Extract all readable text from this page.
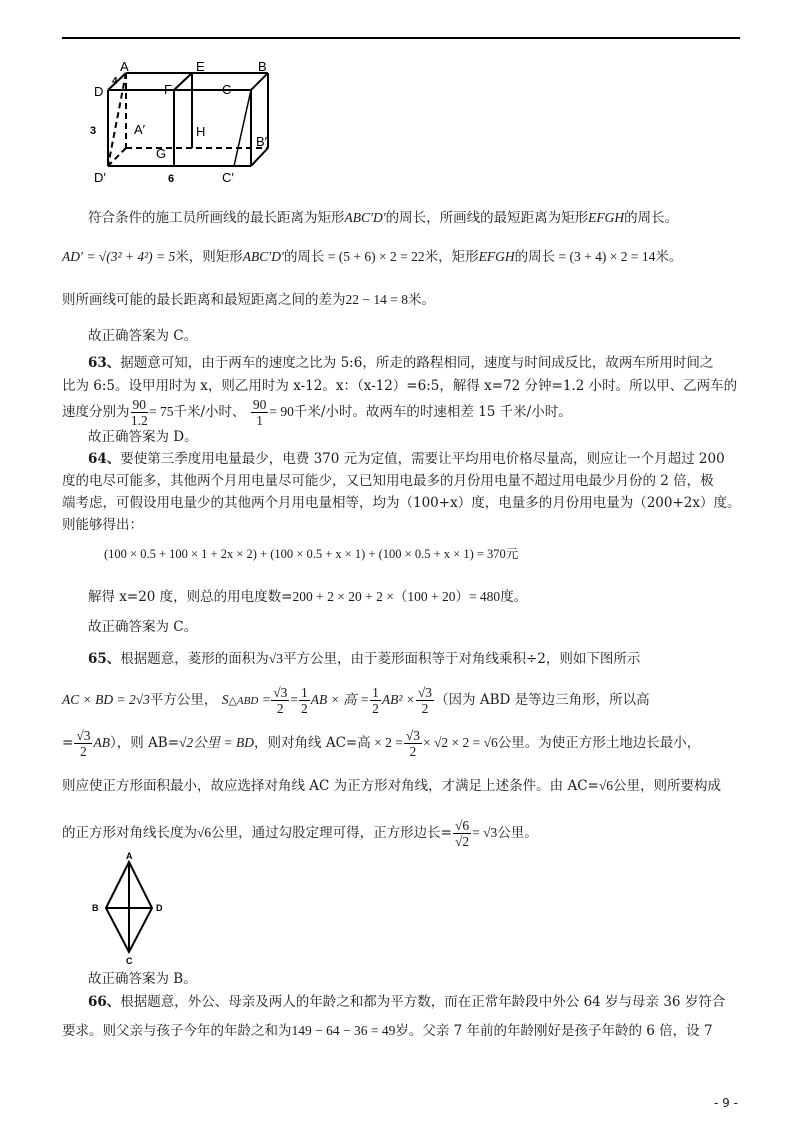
A	E	B
D	F	C
4
3	A′	H
G
B′
D′	6	C′
符合条件的施工员所画线的最长距离为矩形ABC′D′的周长，所画线的最短距离为矩形EFGH的周长。
AD′ = √(3² + 4²) = 5米，则矩形ABC′D′的周长 = (5 + 6) × 2 = 22米，矩形EFGH的周长 = (3 + 4) × 2 = 14米。
则所画线可能的最长距离和最短距离之间的差为22 − 14 = 8米。
故正确答案为 C。
63、据题意可知，由于两车的速度之比为 5:6，所走的路程相同，速度与时间成反比，故两车所用时间之
比为 6:5。设甲用时为 x，则乙用时为 x-12。x：（x-12）=6:5，解得 x=72 分钟=1.2 小时。所以甲、乙两车的
速度分别为 $\frac{90}{1.2} = 75$千米/小时、 $\frac{90}{1} = 90$千米/小时。故两车的时速相差 15 千米/小时。
故正确答案为 D。
64、要使第三季度用电量最少，电费 370 元为定值，需要让平均用电价格尽量高，则应让一个月超过 200
度的电尽可能多，其他两个月用电量尽可能少，又已知用电最多的月份用电量不超过用电最少月份的 2 倍，极
端考虑，可假设用电量少的其他两个月用电量相等，均为（100+x）度，电量多的月份用电量为（200+2x）度。
则能够得出：
(100 × 0.5 + 100 × 1 + 2x × 2) + (100 × 0.5 + x × 1) + (100 × 0.5 + x × 1) = 370元
解得 x=20 度，则总的用电度数=200 + 2 × 20 + 2 ×（100 + 20）= 480度。
故正确答案为 C。
65、根据题意，菱形的面积为√3平方公里，由于菱形面积等于对角线乘积÷2，则如下图所示
AC × BD = 2√3平方公里， S△ABD = $\frac{√3}{2} = \frac{1}{2}$ AB × 高 = $\frac{1}{2} AB^2 \times \frac{√3}{2}$ （因为 ABD 是等边三角形，所以高
= $\frac{√3}{2} AB$），则 AB=√2公里 = BD，则对角线 AC=高 × $2 = \frac{√3}{2} \times √2 \times 2 = √6$公里。为使正方形土地边长最小，
则应使正方形面积最小，故应选择对角线 AC 为正方形对角线，才满足上述条件。由 AC=√6公里，则所要构成
的正方形对角线长度为√6公里，通过勾股定理可得，正方形边长= $\frac{√6}{√2} = √3$公里。
A
B	D
C
故正确答案为 B。
66、根据题意，外公、母亲及两人的年龄之和都为平方数，而在正常年龄段中外公 64 岁与母亲 36 岁符合
要求。则父亲与孩子今年的年龄之和为149 − 64 − 36 = 49岁。父亲 7 年前的年龄刚好是孩子年龄的 6 倍，设 7
- 9 -
